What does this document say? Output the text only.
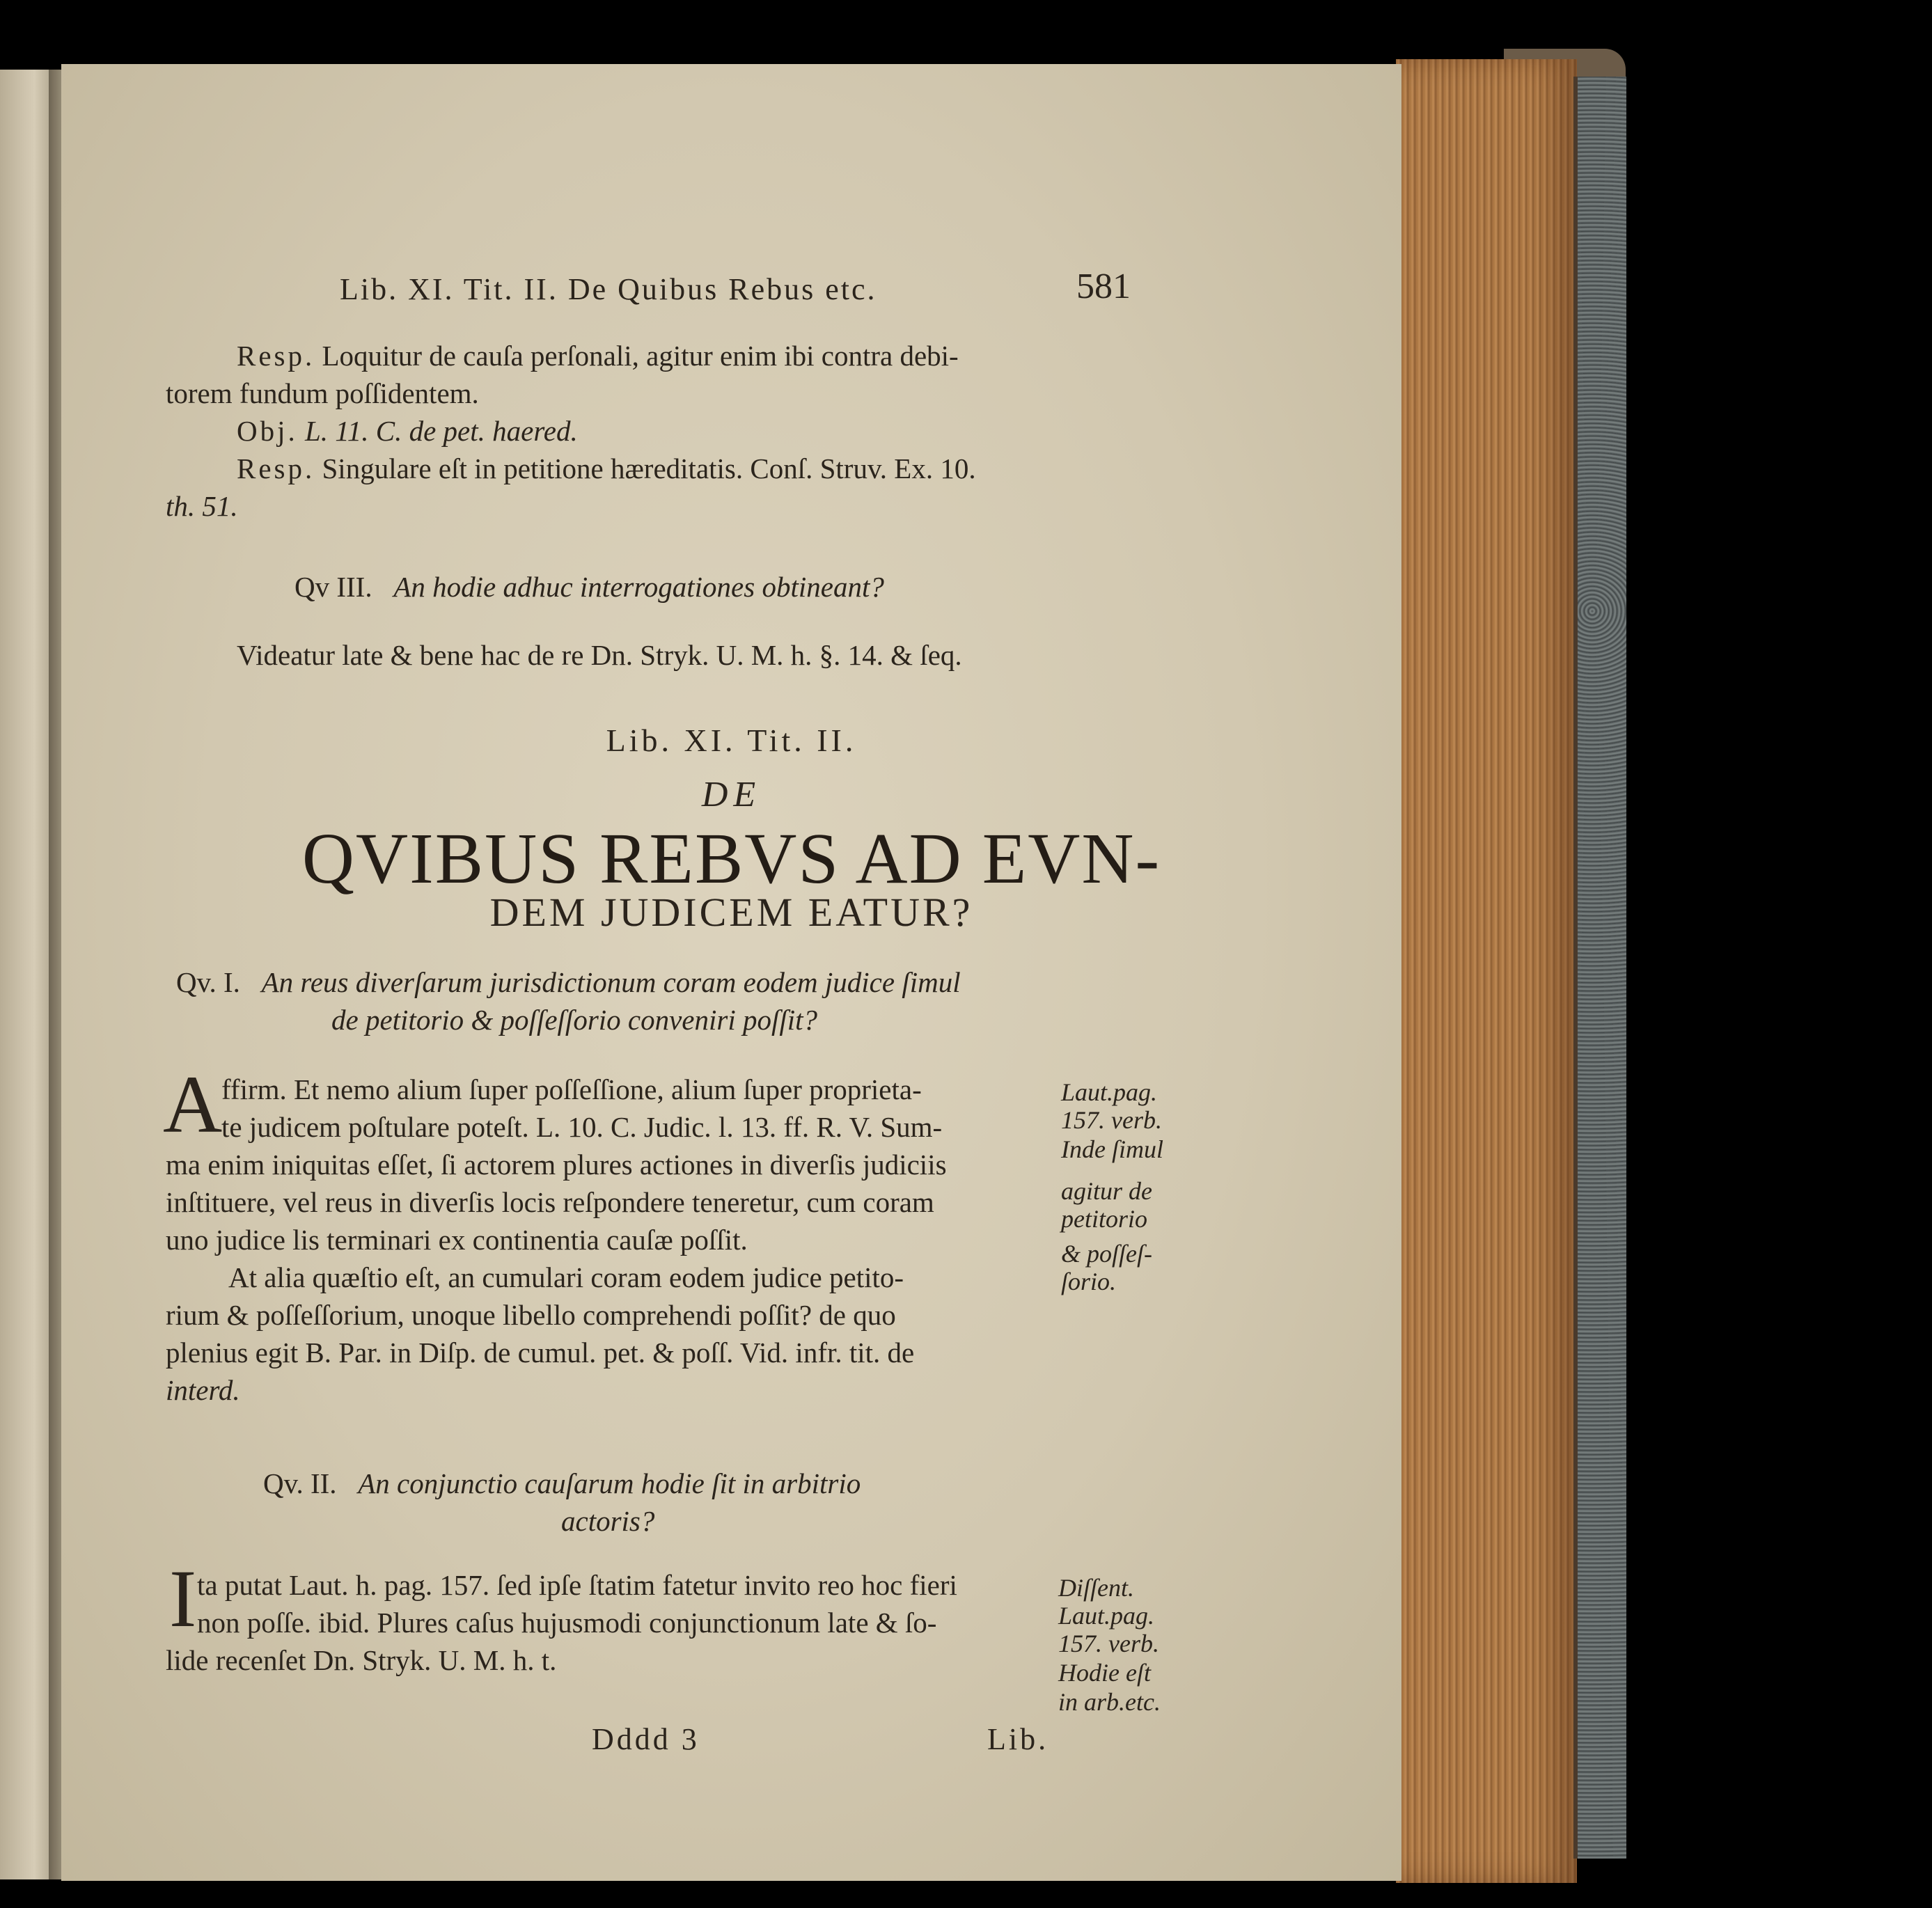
Lib. XI. Tit. II. De Quibus Rebus etc.	581
Resp. Loquitur de cauſa perſonali, agitur enim ibi contra debi-
torem fundum poſſidentem.
Obj. L. 11. C. de pet. haered.
Resp. Singulare eſt in petitione hæreditatis. Conſ. Struv. Ex. 10.
th. 51.
Qv III. An hodie adhuc interrogationes obtineant?
Videatur late & bene hac de re Dn. Stryk. U. M. h. §. 14. & ſeq.
Lib. XI. Tit. II.
DE
QVIBUS REBVS AD EVN-
DEM JUDICEM EATUR?
Qv. I. An reus diverſarum jurisdictionum coram eodem judice ſimul
de petitorio & poſſeſſorio conveniri poſſit?
A
ffirm. Et nemo alium ſuper poſſeſſione, alium ſuper proprieta-
te judicem poſtulare poteſt. L. 10. C. Judic. l. 13. ff. R. V. Sum-
ma enim iniquitas eſſet, ſi actorem plures actiones in diverſis judiciis
inſtituere, vel reus in diverſis locis reſpondere teneretur, cum coram
uno judice lis terminari ex continentia cauſæ poſſit.
At alia quæſtio eſt, an cumulari coram eodem judice petito-
rium & poſſeſſorium, unoque libello comprehendi poſſit? de quo
plenius egit B. Par. in Diſp. de cumul. pet. & poſſ. Vid. infr. tit. de
interd.
Laut.pag.
157. verb.
Inde ſimul
agitur de
petitorio
& poſſeſ-
ſorio.
Qv. II. An conjunctio cauſarum hodie ſit in arbitrio
actoris?
I ta putat Laut. h. pag. 157. ſed ipſe ſtatim fatetur invito reo hoc fieri
non poſſe. ibid. Plures caſus hujusmodi conjunctionum late & ſo-
lide recenſet Dn. Stryk. U. M. h. t.
Diſſent.
Laut.pag.
157. verb.
Hodie eſt
in arb.etc.
Dddd 3	Lib.
